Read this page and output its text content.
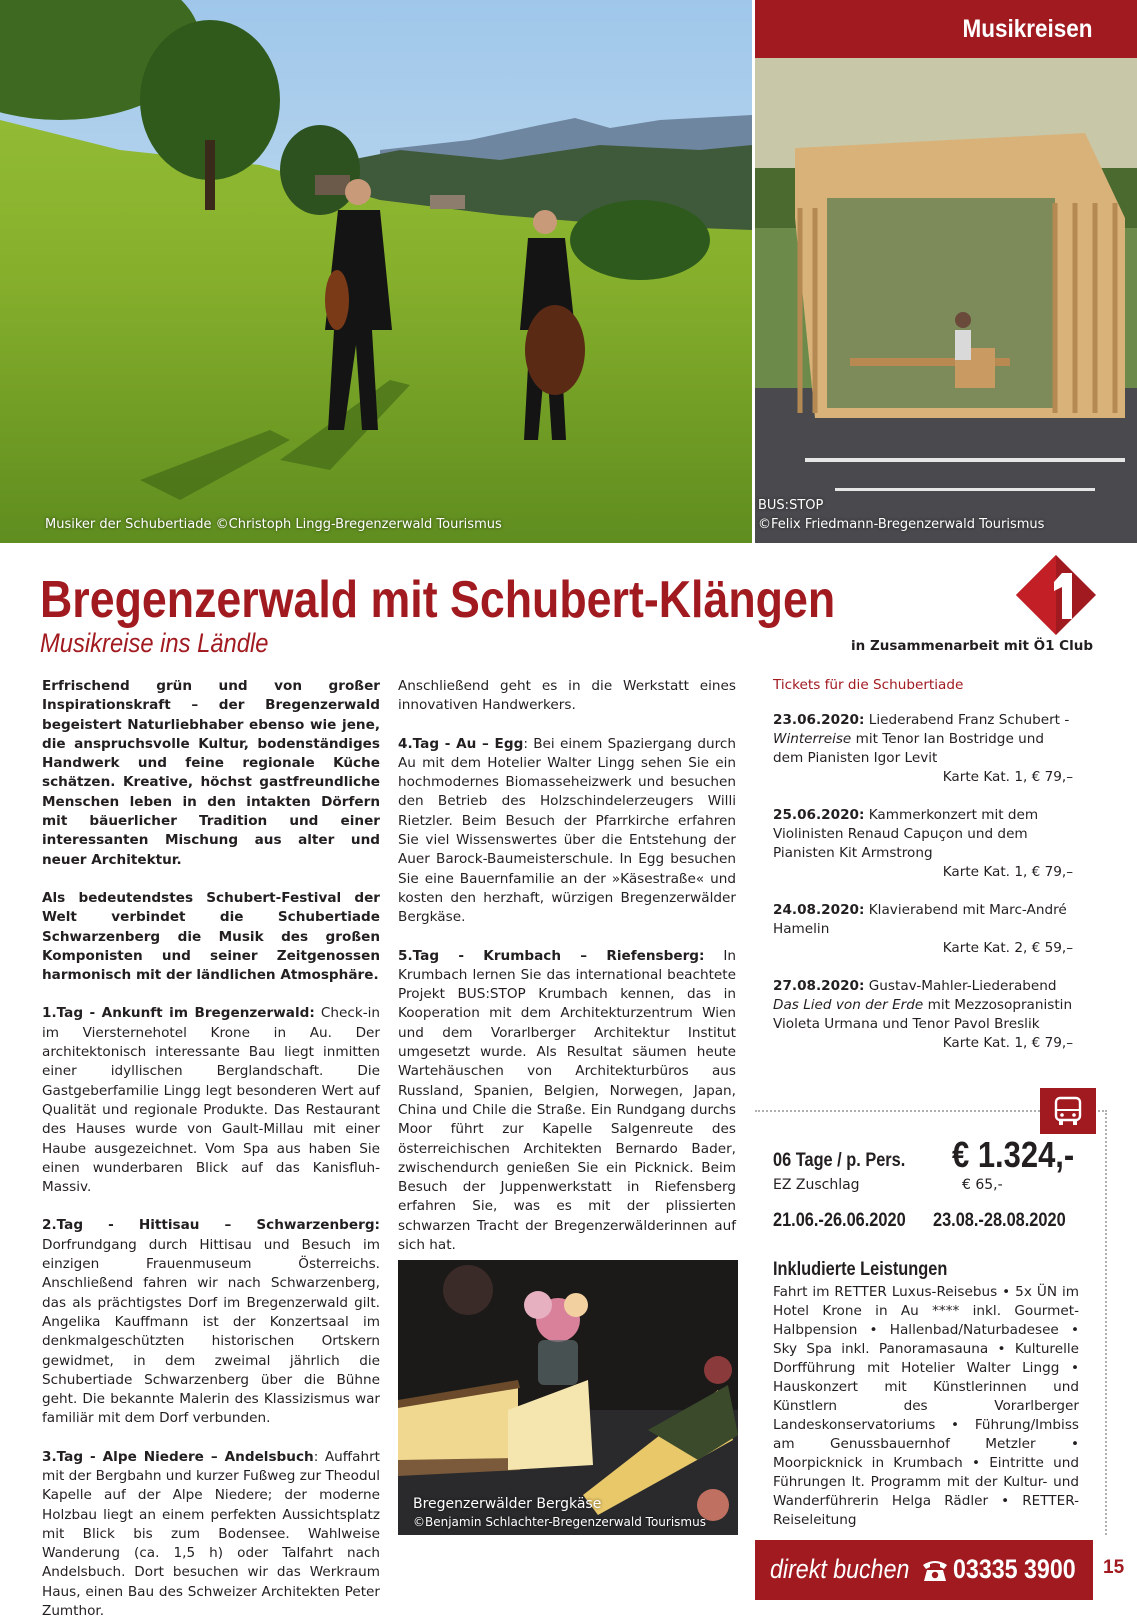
Musiker der Schubertiade ©Christoph Lingg-Bregenzerwald Tourismus
BUS:STOP
©Felix Friedmann-Bregenzerwald Tourismus
Musikreisen
Bregenzerwald mit Schubert-Klängen
Musikreise ins Ländle	in Zusammenarbeit mit Ö1 Club

Erfrischend grün und von großer Inspirationskraft – der Bregenzerwald begeistert Naturliebhaber ebenso wie jene, die anspruchsvolle Kultur, bodenständiges Handwerk und feine regionale Küche schätzen. Kreative, höchst gastfreundliche Menschen leben in den intakten Dörfern mit bäuerlicher Tradition und einer interessanten Mischung aus alter und neuer Architektur.

Als bedeutendstes Schubert-Festival der Welt verbindet die Schubertiade Schwarzenberg die Musik des großen Komponisten und seiner Zeitgenossen harmonisch mit der ländlichen Atmosphäre.

1.Tag - Ankunft im Bregenzerwald: Check-in im Viersternehotel Krone in Au. Der architektonisch interessante Bau liegt inmitten einer idyllischen Berglandschaft. Die Gastgeberfamilie Lingg legt besonderen Wert auf Qualität und regionale Produkte. Das Restaurant des Hauses wurde von Gault-Millau mit einer Haube ausgezeichnet. Vom Spa aus haben Sie einen wunderbaren Blick auf das Kanisfluh-Massiv.

2.Tag - Hittisau – Schwarzenberg: Dorfrundgang durch Hittisau und Besuch im einzigen Frauenmuseum Österreichs. Anschließend fahren wir nach Schwarzenberg, das als prächtigstes Dorf im Bregenzerwald gilt. Angelika Kauffmann ist der Konzertsaal im denkmalgeschützten historischen Ortskern gewidmet, in dem zweimal jährlich die Schubertiade Schwarzenberg über die Bühne geht. Die bekannte Malerin des Klassizismus war familiär mit dem Dorf verbunden.

3.Tag - Alpe Niedere – Andelsbuch: Auffahrt mit der Bergbahn und kurzer Fußweg zur Theodul Kapelle auf der Alpe Niedere; der moderne Holzbau liegt an einem perfekten Aussichtsplatz mit Blick bis zum Bodensee. Wahlweise Wanderung (ca. 1,5 h) oder Talfahrt nach Andelsbuch. Dort besuchen wir das Werkraum Haus, einen Bau des Schweizer Architekten Peter Zumthor.

Anschließend geht es in die Werkstatt eines innovativen Handwerkers.

4.Tag - Au – Egg: Bei einem Spaziergang durch Au mit dem Hotelier Walter Lingg sehen Sie ein hochmodernes Biomasseheizwerk und besuchen den Betrieb des Holzschindelerzeugers Willi Rietzler. Beim Besuch der Pfarrkirche erfahren Sie viel Wissenswertes über die Entstehung der Auer Barock-Baumeisterschule. In Egg besuchen Sie eine Bauernfamilie an der »Käsestraße« und kosten den herzhaft, würzigen Bregenzerwälder Bergkäse.

5.Tag - Krumbach – Riefensberg: In Krumbach lernen Sie das international beachtete Projekt BUS:STOP Krumbach kennen, das in Kooperation mit dem Architekturzentrum Wien und dem Vorarlberger Architektur Institut umgesetzt wurde. Als Resultat säumen heute Wartehäuschen von Architekturbüros aus Russland, Spanien, Belgien, Norwegen, Japan, China und Chile die Straße. Ein Rundgang durchs Moor führt zur Kapelle Salgenreute des österreichischen Architekten Bernardo Bader, zwischendurch genießen Sie ein Picknick. Beim Besuch der Juppenwerkstatt in Riefensberg erfahren Sie, was es mit der plissierten schwarzen Tracht der Bregenzerwälderinnen auf sich hat.

Bregenzerwälder Bergkäse
©Benjamin Schlachter-Bregenzerwald Tourismus
Tickets für die Schubertiade
23.06.2020: Liederabend Franz Schubert - Winterreise mit Tenor Ian Bostridge und dem Pianisten Igor Levit
Karte Kat. 1, € 79,–
25.06.2020: Kammerkonzert mit dem Violinisten Renaud Capuçon und dem Pianisten Kit Armstrong
Karte Kat. 1, € 79,–
24.08.2020: Klavierabend mit Marc-André Hamelin
Karte Kat. 2, € 59,–
27.08.2020: Gustav-Mahler-Liederabend Das Lied von der Erde mit Mezzosopranistin Violeta Urmana und Tenor Pavol Breslik
Karte Kat. 1, € 79,–
06 Tage / p. Pers. € 1.324,-
EZ Zuschlag	€ 65,-
21.06.-26.06.2020 23.08.-28.08.2020
Inkludierte Leistungen
Fahrt im RETTER Luxus-Reisebus • 5x ÜN im Hotel Krone in Au **** inkl. Gourmet-Halbpension • Hallenbad/Naturbadesee • Sky Spa inkl. Panoramasauna • Kulturelle Dorfführung mit Hotelier Walter Lingg • Hauskonzert mit Künstlerinnen und Künstlern des Vorarlberger Landeskonservatoriums • Führung/Imbiss am Genussbauernhof Metzler • Moorpicknick in Krumbach • Eintritte und Führungen lt. Programm mit der Kultur- und Wanderführerin Helga Rädler • RETTER-Reiseleitung
direkt buchen 03335 3900 15
